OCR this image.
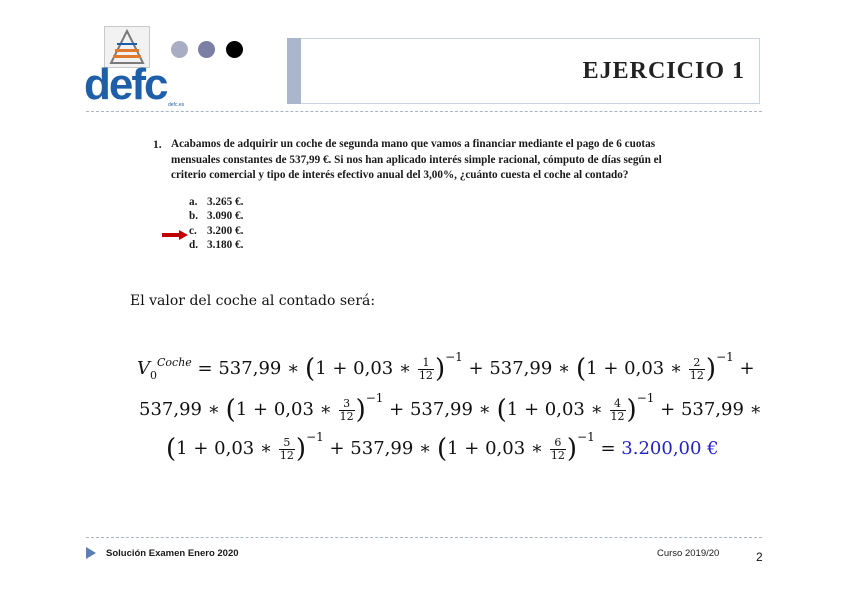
defc defc.es
EJERCICIO 1
1. Acabamos de adquirir un coche de segunda mano que vamos a financiar mediante el pago de 6 cuotas mensuales constantes de 537,99 €. Si nos han aplicado interés simple racional, cómputo de días según el criterio comercial y tipo de interés efectivo anual del 3,00%, ¿cuánto cuesta el coche al contado?
a. 3.265 €.
b. 3.090 €.
c. 3.200 €.
d. 3.180 €.
El valor del coche al contado será:
$V_0^{Coche} = 537,99$ ∗ (1 + 0,03 ∗ $\frac{1}{12} )^{-1} + 537,99$ ∗ (1 + 0,03 ∗ $\frac{2}{12} )^{-1}$ +
537,99 ∗ (1 + 0,03 ∗ $\frac{3}{12} )^{-1} + 537,99$ ∗ (1 + 0,03 ∗ $\frac{4}{12} )^{-1} + 537,99$ ∗
(1 + 0,03 ∗ $\frac{5}{12} )^{-1} + 537,99$ ∗ (1 + 0,03 ∗ $\frac{6}{12} )^{-1} = 3.200,00$ €
Solución Examen Enero 2020	Curso 2019/20	2
